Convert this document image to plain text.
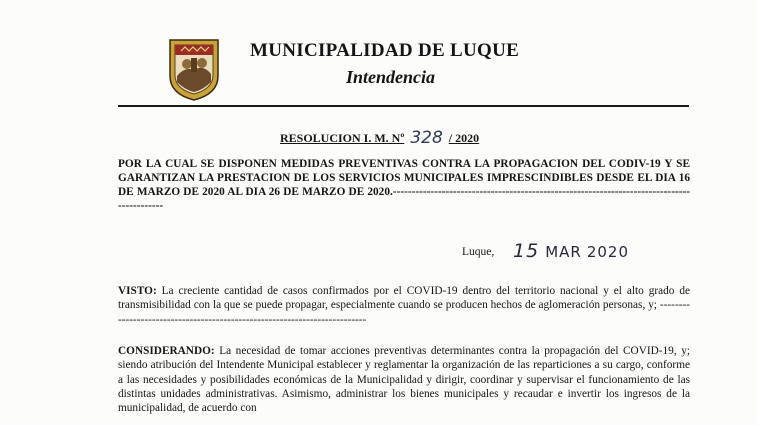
MUNICIPALIDAD DE LUQUE
Intendencia
RESOLUCION I. M. Nº 328 / 2020
POR LA CUAL SE DISPONEN MEDIDAS PREVENTIVAS CONTRA LA PROPAGACION DEL CODIV-19 Y SE GARANTIZAN LA PRESTACION DE LOS SERVICIOS MUNICIPALES IMPRESCINDIBLES DESDE EL DIA 16 DE MARZO DE 2020 AL DIA 26 DE MARZO DE 2020.-------------------------------------------------------------------------------------------
Luque, 15 MAR 2020
VISTO: La creciente cantidad de casos confirmados por el COVID-19 dentro del territorio nacional y el alto grado de transmisibilidad con la que se puede propagar, especialmente cuando se producen hechos de aglomeración personas, y; --------------------------------------------------------------------------
CONSIDERANDO: La necesidad de tomar acciones preventivas determinantes contra la propagación del COVID-19, y; siendo atribución del Intendente Municipal establecer y reglamentar la organización de las reparticiones a su cargo, conforme a las necesidades y posibilidades económicas de la Municipalidad y dirigir, coordinar y supervisar el funcionamiento de las distintas unidades administrativas. Asimismo, administrar los bienes municipales y recaudar e invertir los ingresos de la municipalidad, de acuerdo con
